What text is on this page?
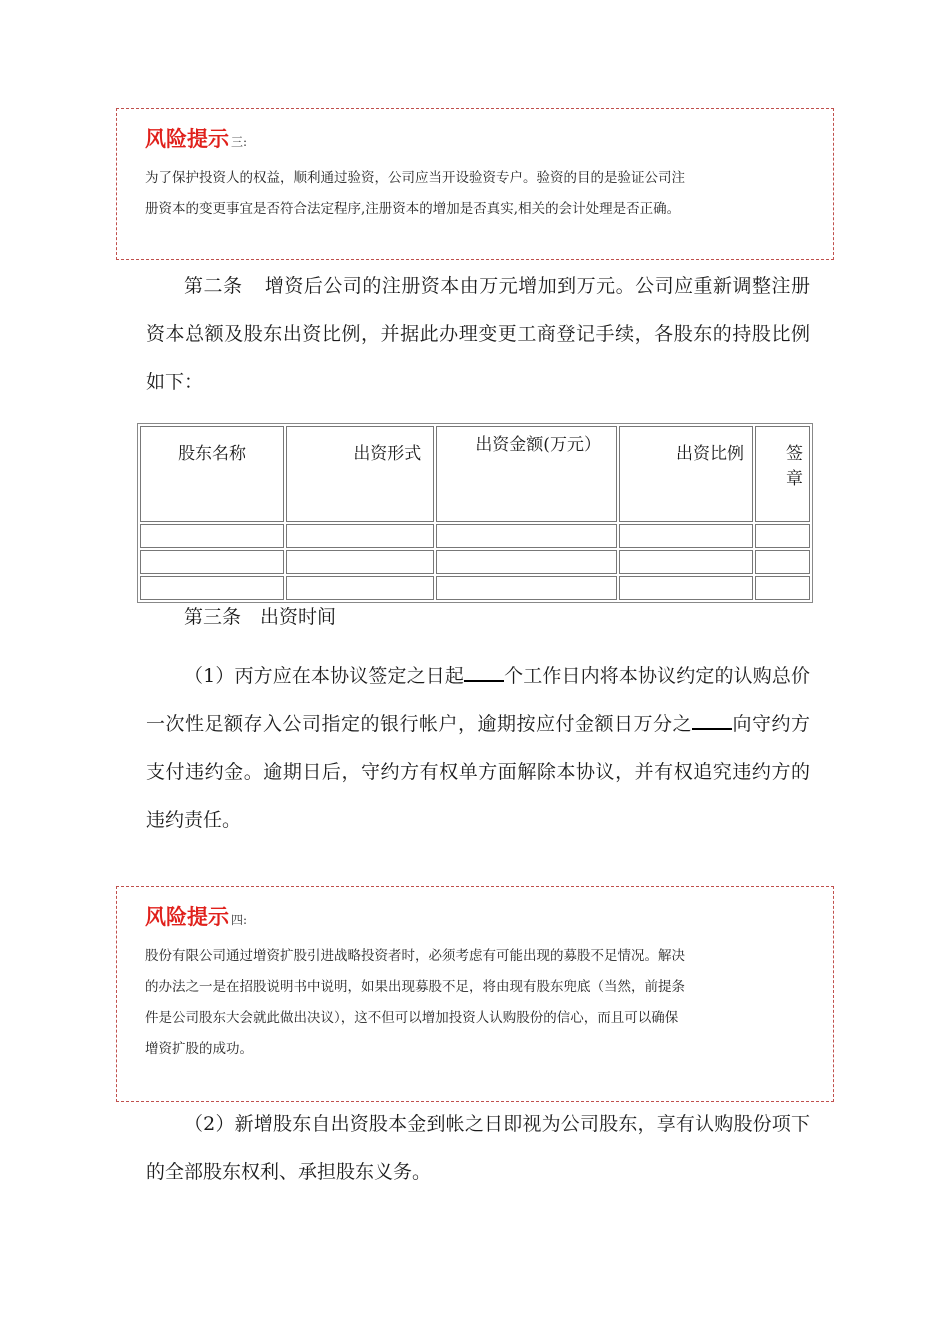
风险提示 三:
为了保护投资人的权益，顺利通过验资，公司应当开设验资专户。验资的目的是验证公司注
册资本的变更事宜是否符合法定程序,注册资本的增加是否真实,相关的会计处理是否正确。
第二条 增资后公司的注册资本由万元增加到万元。公司应重新调整注册资本总额及股东出资比例，并据此办理变更工商登记手续，各股东的持股比例如下：
股东名称	出资形式	出资金额(万元）	出资比例	签章

第三条　出资时间
（1）丙方应在本协议签定之日起 个工作日内将本协议约定的认购总价一次性足额存入公司指定的银行帐户，逾期按应付金额日万分之 向守约方支付违约金。逾期日后，守约方有权单方面解除本协议，并有权追究违约方的违约责任。
风险提示 四:
股份有限公司通过增资扩股引进战略投资者时，必须考虑有可能出现的募股不足情况。解决
的办法之一是在招股说明书中说明，如果出现募股不足，将由现有股东兜底（当然，前提条
件是公司股东大会就此做出决议），这不但可以增加投资人认购股份的信心，而且可以确保
增资扩股的成功。
（2）新增股东自出资股本金到帐之日即视为公司股东，享有认购股份项下的全部股东权利、承担股东义务。
